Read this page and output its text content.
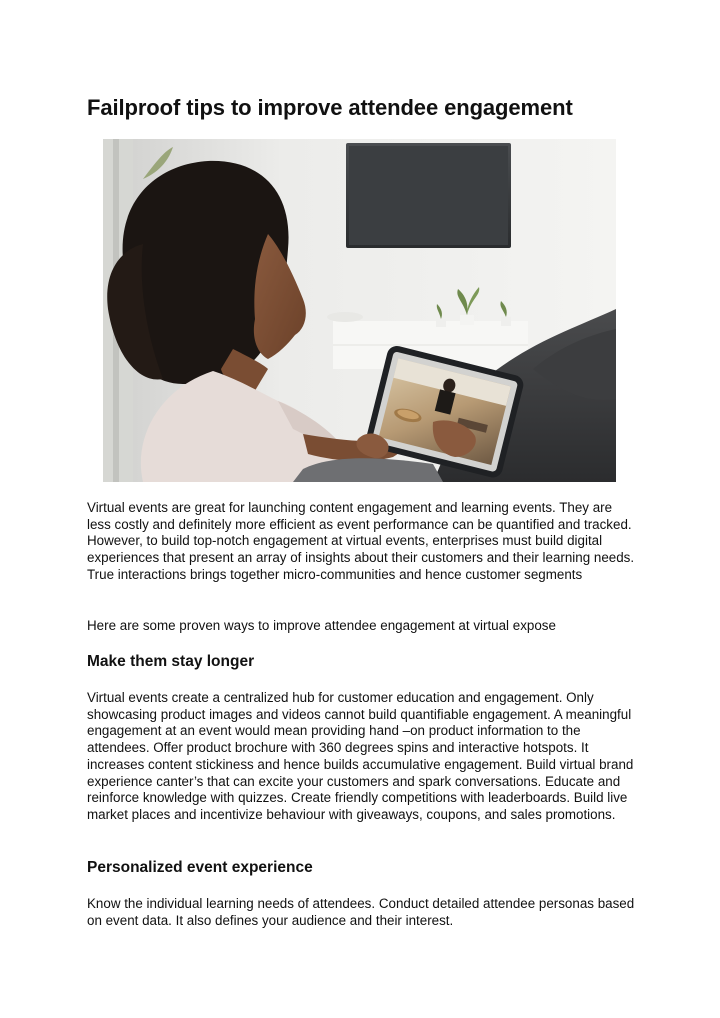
Failproof tips to improve attendee engagement

Virtual events are great for launching content engagement and learning events. They are less costly and definitely more efficient as event performance can be quantified and tracked. However, to build top-notch engagement at virtual events, enterprises must build digital experiences that present an array of insights about their customers and their learning needs. True interactions brings together micro-communities and hence customer segments

Here are some proven ways to improve attendee engagement at virtual expose

Make them stay longer

Virtual events create a centralized hub for customer education and engagement. Only showcasing product images and videos cannot build quantifiable engagement. A meaningful engagement at an event would mean providing hand –on product information to the attendees. Offer product brochure with 360 degrees spins and interactive hotspots. It increases content stickiness and hence builds accumulative engagement. Build virtual brand experience canter’s that can excite your customers and spark conversations. Educate and reinforce knowledge with quizzes. Create friendly competitions with leaderboards. Build live market places and incentivize behaviour with giveaways, coupons, and sales promotions.

Personalized event experience

Know the individual learning needs of attendees. Conduct detailed attendee personas based on event data. It also defines your audience and their interest.
